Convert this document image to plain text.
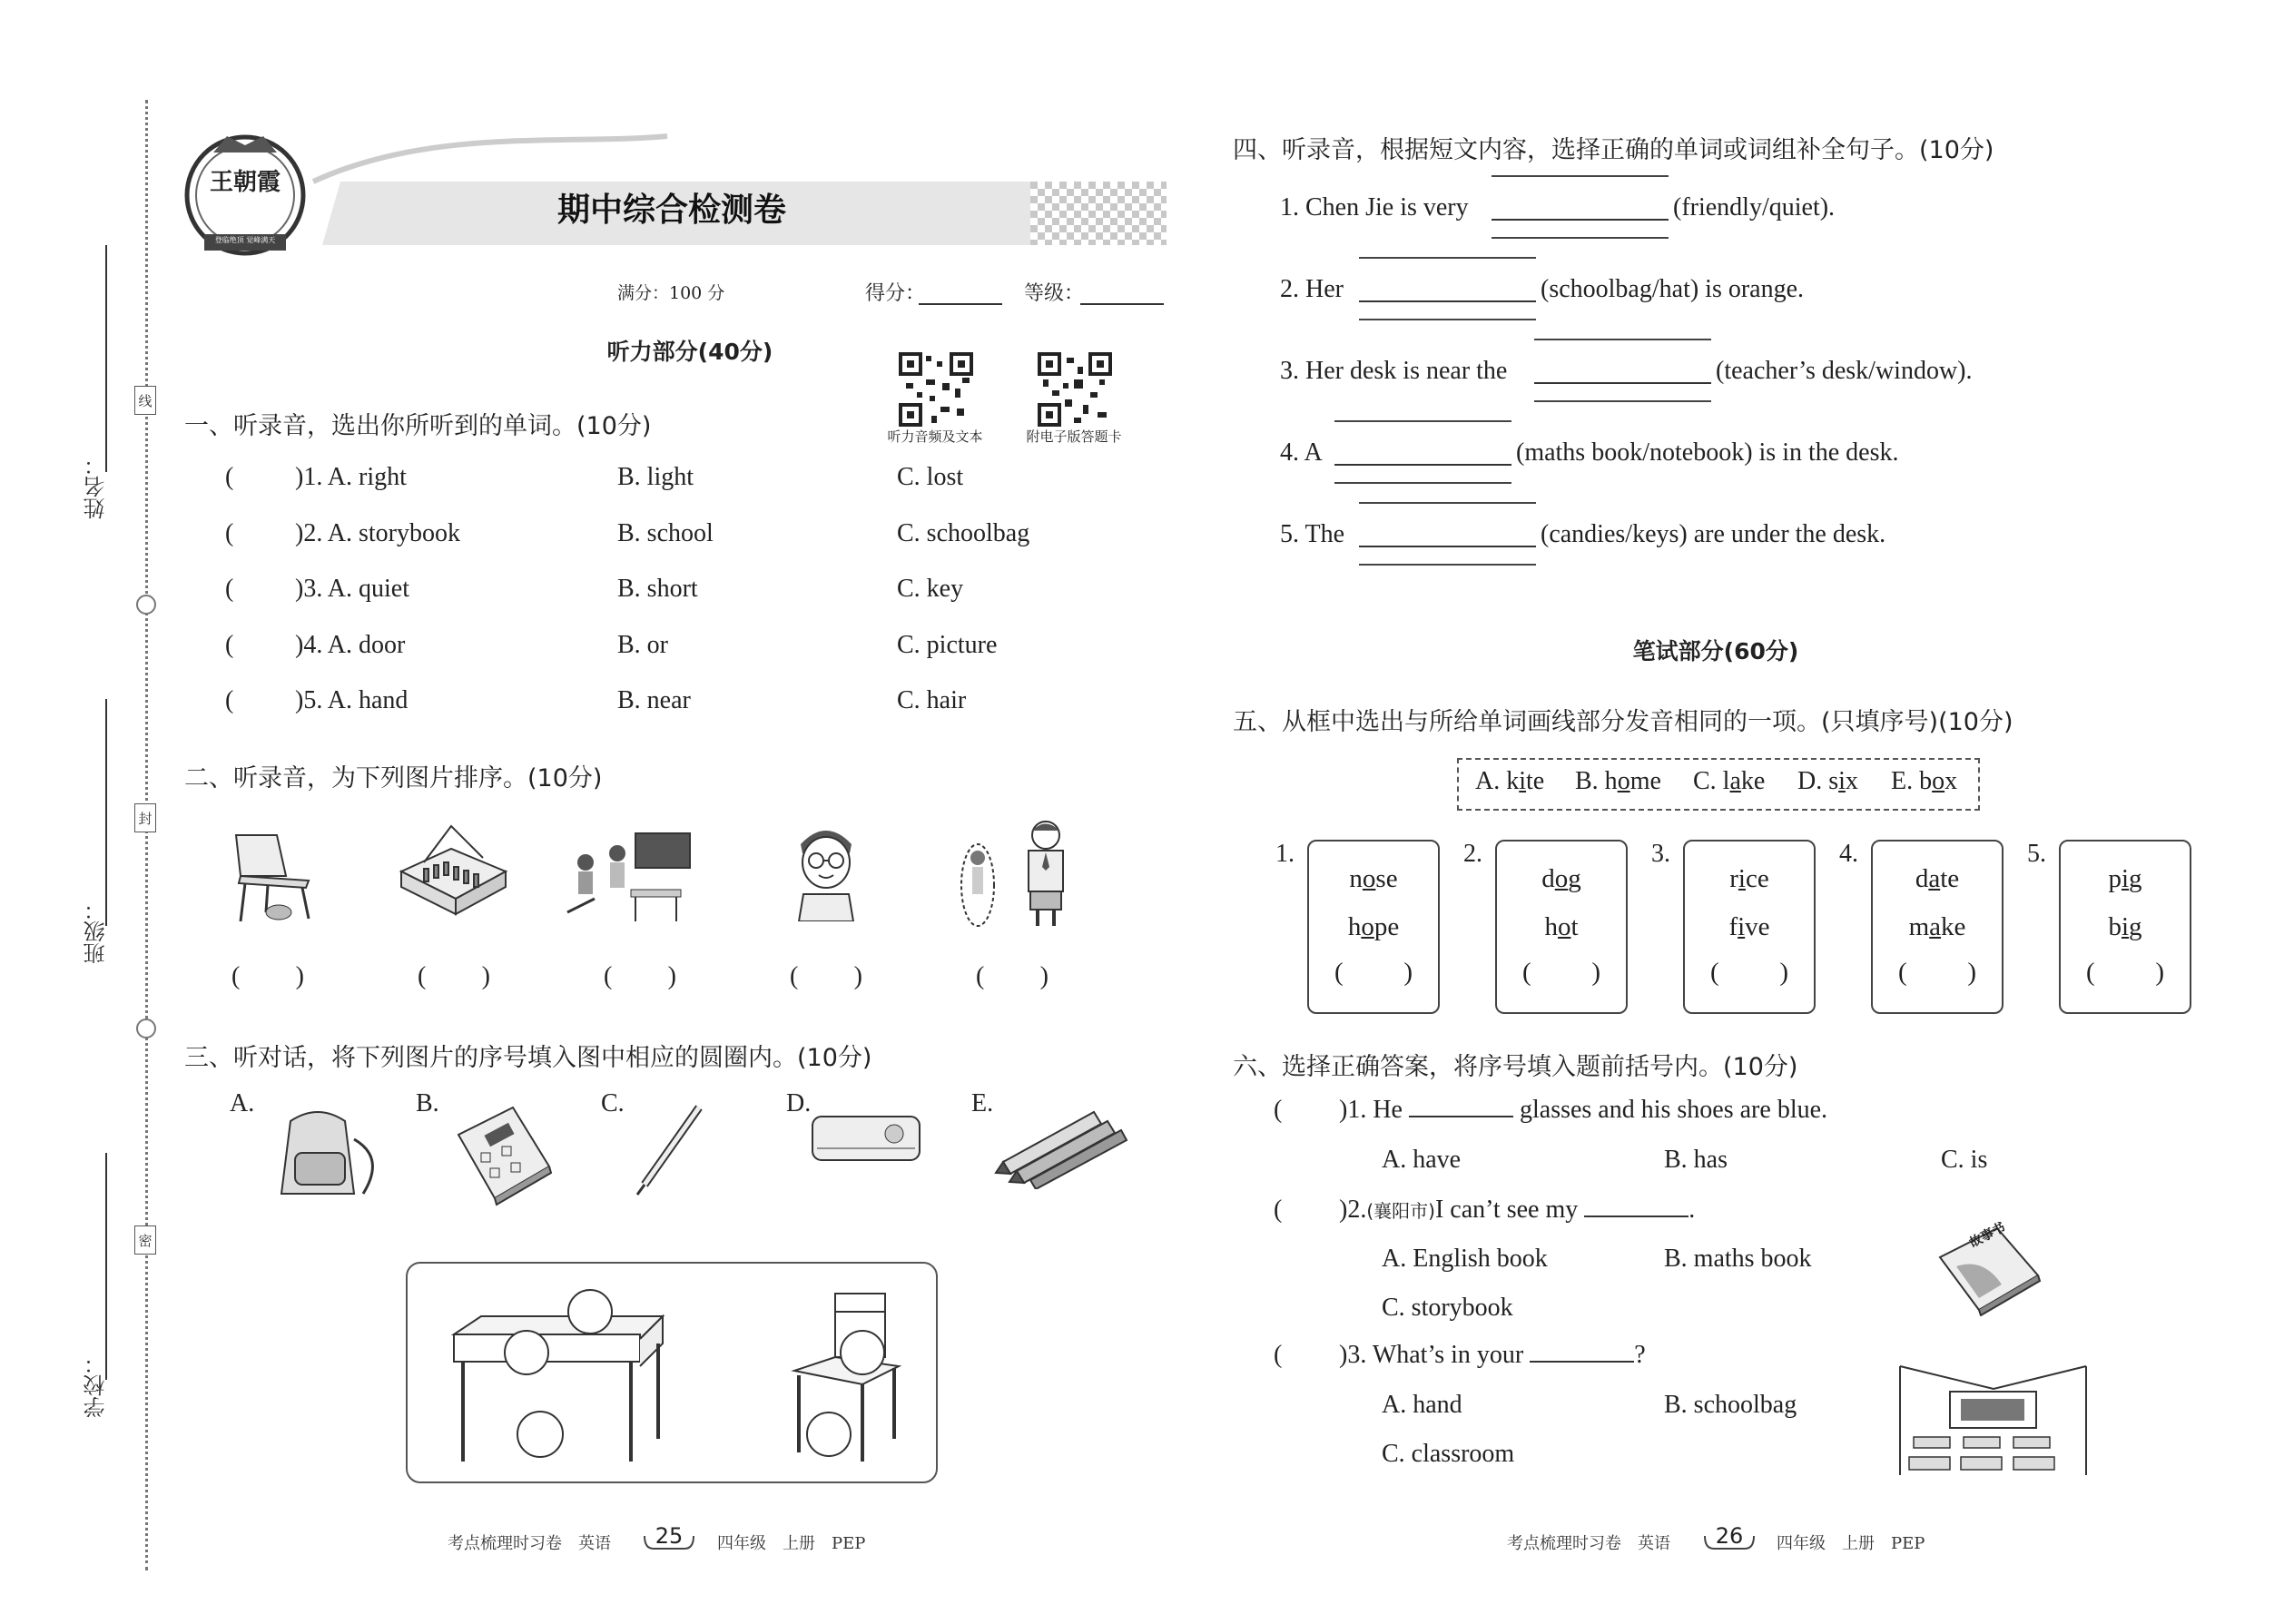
姓名：
班级：
学校：
线
封
密
王朝霞
登临绝顶 觉峰满天
期中综合检测卷
满分：100 分	得分：	等级：
听力音频及文本	附电子版答题卡
听力部分(40分)
一、听录音，选出你所听到的单词。(10分)
( )1. A. right	B. light	C. lost
( )2. A. storybook	B. school	C. schoolbag
( )3. A. quiet	B. short	C. key
( )4. A. door	B. or	C. picture
( )5. A. hand	B. near	C. hair
二、听录音，为下列图片排序。(10分)
( )	( )	( )	( )	( )
三、听对话，将下列图片的序号填入图中相应的圆圈内。(10分)
A.	B.	C.	D.	E.
考点梳理时习卷　英语	25	四年级　上册　PEP
四、听录音，根据短文内容，选择正确的单词或词组补全句子。(10分)
1. Chen Jie is very	(friendly/quiet).
2. Her	(schoolbag/hat) is orange.
3. Her desk is near the	(teacher’s desk/window).
4. A	(maths book/notebook) is in the desk.
5. The	(candies/keys) are under the desk.
笔试部分(60分)
五、从框中选出与所给单词画线部分发音相同的一项。(只填序号)(10分)
A. kite B. home C. lake D. six E. box
1.
nose
hope
( )
2.
dog
hot
( )
3.
rice
five
( )
4.
date
make
( )
5.
pig
big
( )
六、选择正确答案，将序号填入题前括号内。(10分)
( )1. He	glasses and his shoes are blue.
A. have	B. has	C. is
( )2.(襄阳市)I can’t see my	.
A. English book	B. maths book
C. storybook
故事书
( )3. What’s in your	?
A. hand	B. schoolbag
C. classroom
考点梳理时习卷　英语	26	四年级　上册　PEP
